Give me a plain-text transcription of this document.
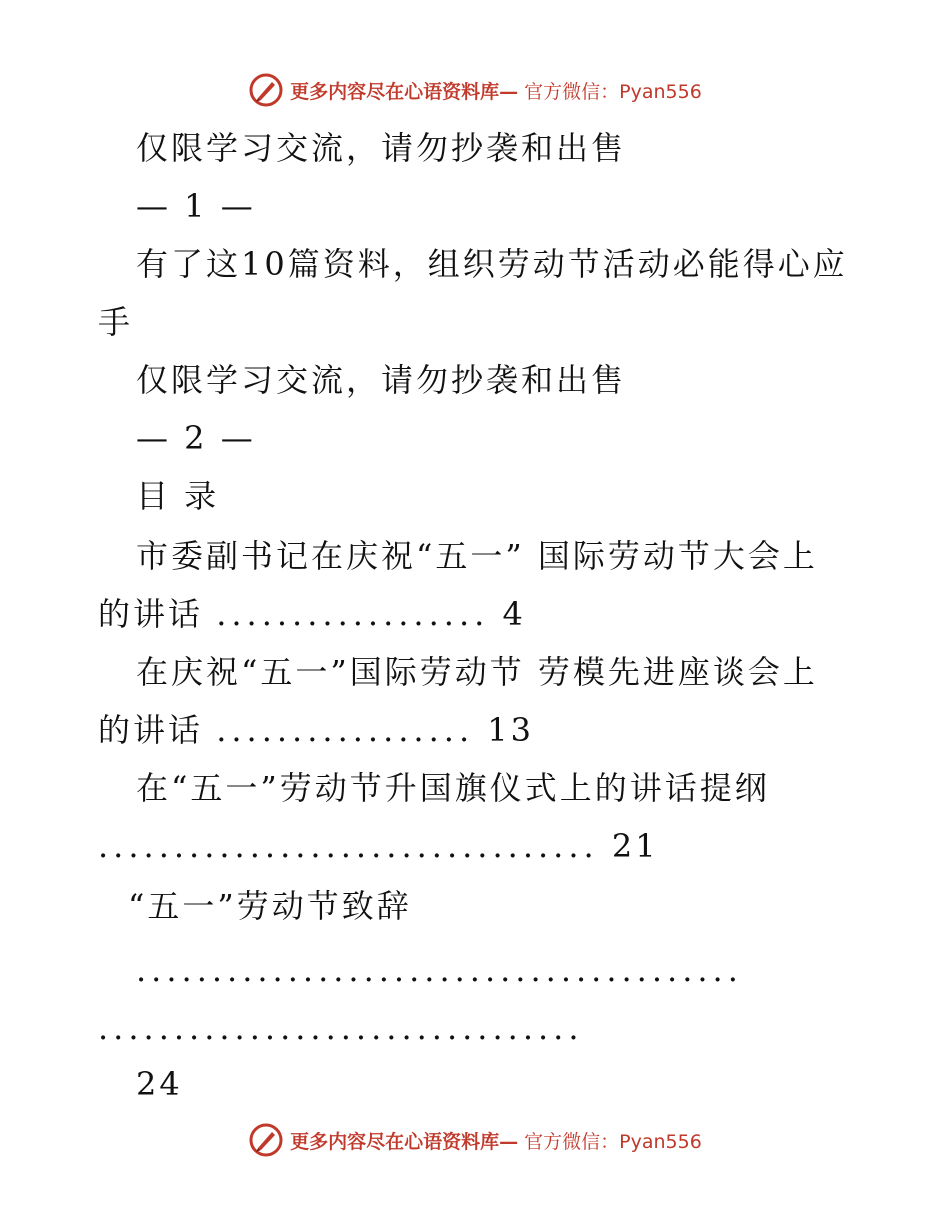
更多内容尽在心语资料库— 官方微信：Pyan556
仅限学习交流，请勿抄袭和出售
— 1 —
有了这10篇资料，组织劳动节活动必能得心应
手
仅限学习交流，请勿抄袭和出售
— 2 —
目 录
市委副书记在庆祝“五一” 国际劳动节大会上
的讲话 .................. 4
在庆祝“五一”国际劳动节 劳模先进座谈会上
的讲话 ................. 13
在“五一”劳动节升国旗仪式上的讲话提纲
................................. 21
“五一”劳动节致辞
........................................
................................
24
更多内容尽在心语资料库— 官方微信：Pyan556
